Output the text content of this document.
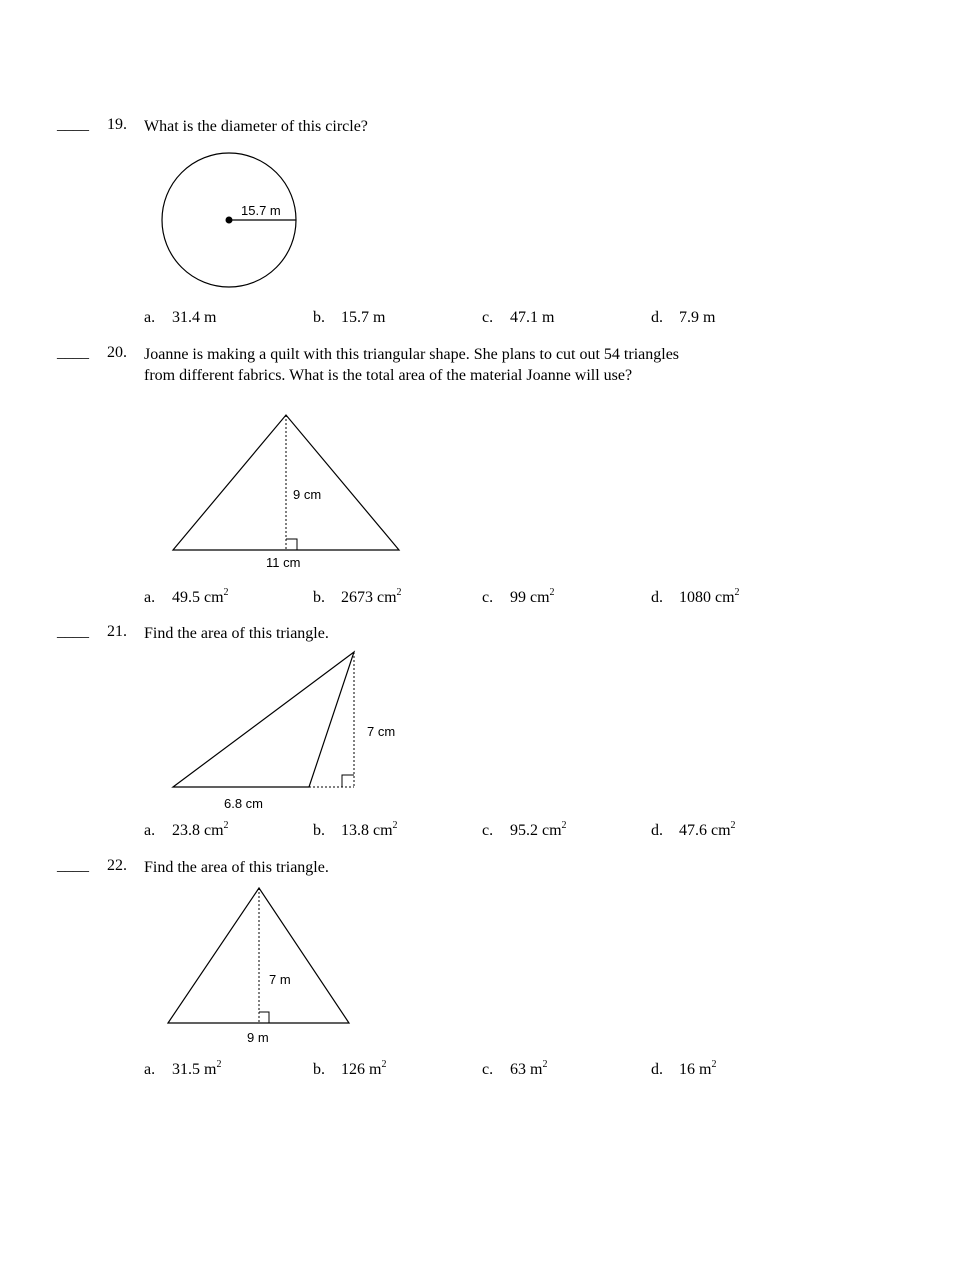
____ 19. What is the diameter of this circle?
15.7 m
a. 31.4 m	b. 15.7 m	c. 47.1 m	d. 7.9 m
____ 20. Joanne is making a quilt with this triangular shape. She plans to cut out 54 triangles
from different fabrics. What is the total area of the material Joanne will use?
9 cm
11 cm
a. 49.5 $cm^2$	b. 2673 $cm^2$	c. 99 $cm^2$	d. 1080 $cm^2$
____ 21. Find the area of this triangle.
7 cm
6.8 cm
a. 23.8 $cm^2$	b. 13.8 $cm^2$	c. 95.2 $cm^2$	d. 47.6 $cm^2$
____ 22. Find the area of this triangle.
7 m
9 m
a. 31.5 $m^2$	b. 126 $m^2$	c. 63 $m^2$	d. 16 $m^2$
